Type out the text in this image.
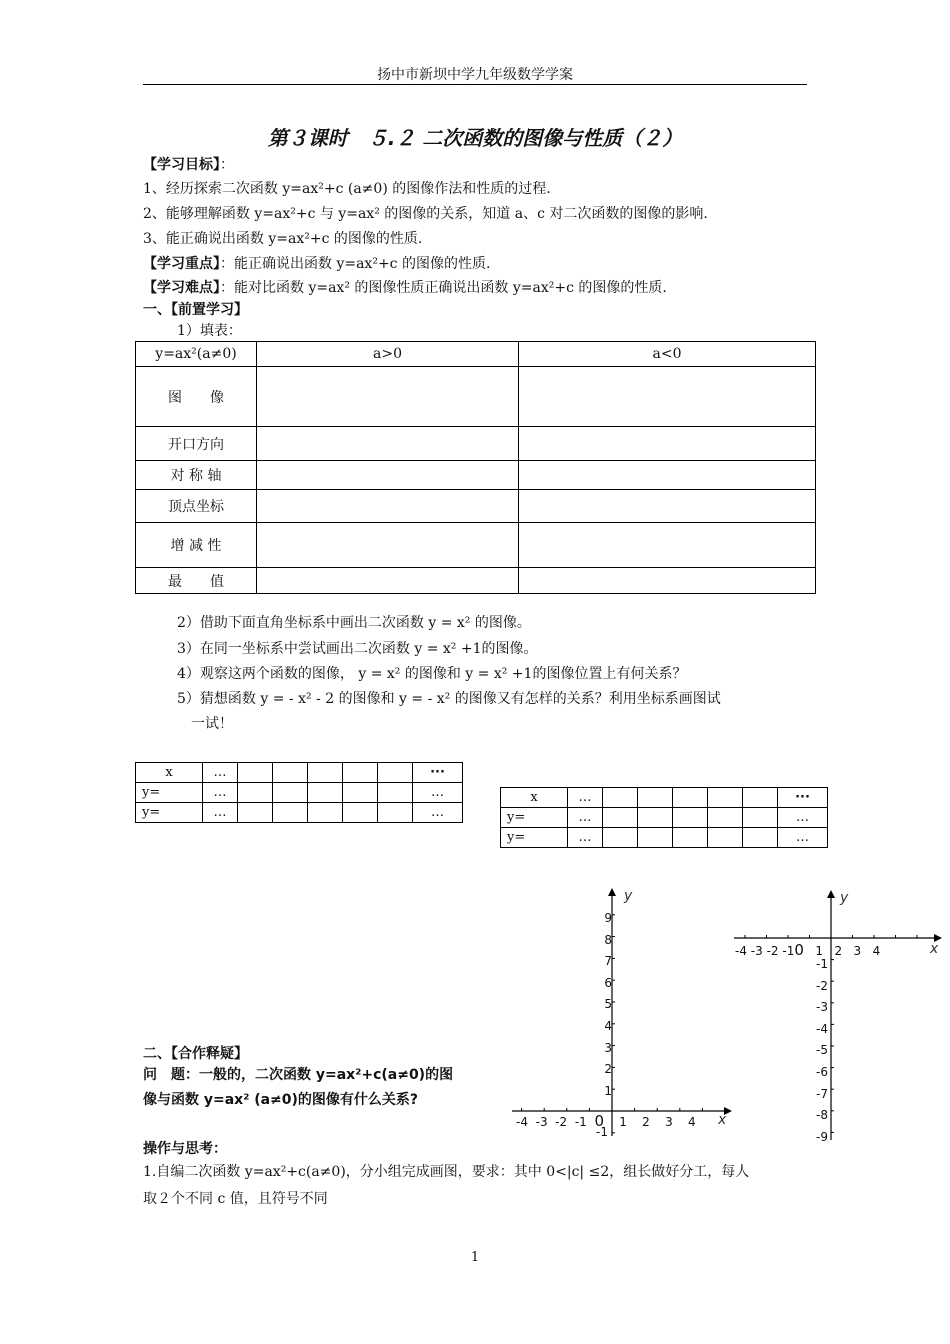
扬中市新坝中学九年级数学学案
第３课时　５.２ 二次函数的图像与性质（２）
【学习目标】：
1、经历探索二次函数 y=ax²+c (a≠0) 的图像作法和性质的过程.
2、能够理解函数 y=ax²+c 与 y=ax² 的图像的关系，知道 a、c 对二次函数的图像的影响.
3、能正确说出函数 y=ax²+c 的图像的性质.
【学习重点】：能正确说出函数 y=ax²+c 的图像的性质.
【学习难点】：能对比函数 y=ax² 的图像性质正确说出函数 y=ax²+c 的图像的性质.
一、【前置学习】
1）填表：
y=ax²(a≠0)	a>0	a<0
图　　像		
开口方向		
对 称 轴		
顶点坐标		
增 减 性		
最　　值		
2）借助下面直角坐标系中画出二次函数 y = x² 的图像。
3）在同一坐标系中尝试画出二次函数 y = x² +1的图像。
4）观察这两个函数的图像， y = x² 的图像和 y = x² +1的图像位置上有何关系？
5）猜想函数 y = - x² - 2 的图像和 y = - x² 的图像又有怎样的关系？利用坐标系画图试
一试！
x	…						···
y=	…						…
y=	…						…
x	…						···
y=	…						…
y=	…						…
-4 -3 -2 -1 0 1 2 3 4 x
y
9
8
7
6
5
4
3
2
1
-1
-4 -3 -2 -10 1 2 3 4	x
y
-1
-2
-3
-4
-5
-6
-7
-8
-9
二、【合作释疑】
问　题：一般的，二次函数 y=ax²+c(a≠0)的图
像与函数 y=ax² (a≠0)的图像有什么关系?
操作与思考：
1.自编二次函数 y=ax²+c(a≠0)，分小组完成画图，要求：其中 0<|c| ≤2，组长做好分工，每人
取２个不同 c 值，且符号不同
1
